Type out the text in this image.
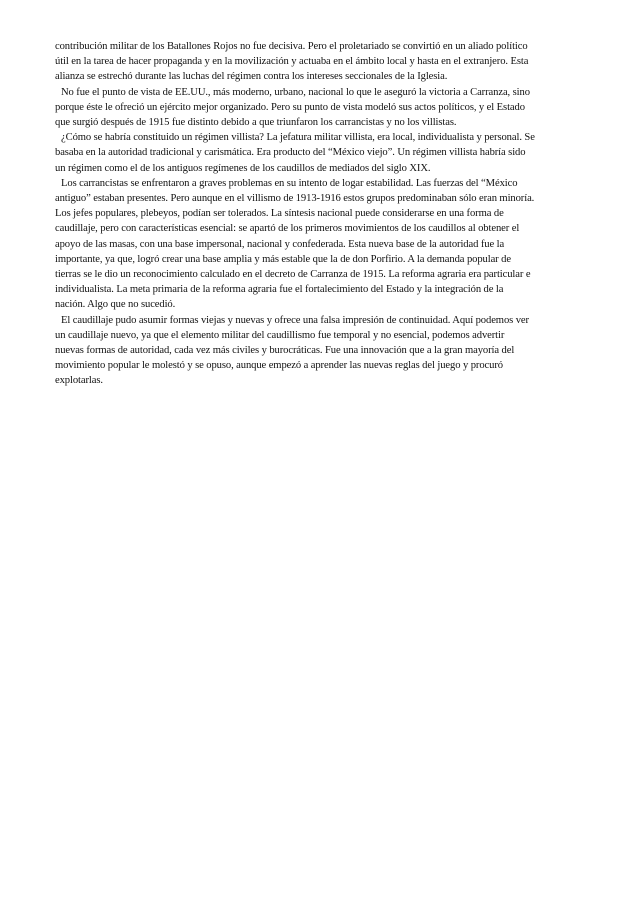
contribución militar de los Batallones Rojos no fue decisiva. Pero el proletariado se convirtió en un aliado político
útil en la tarea de hacer propaganda y en la movilización y actuaba en el ámbito local y hasta en el extranjero. Esta
alianza se estrechó durante las luchas del régimen contra los intereses seccionales de la Iglesia.
No fue el punto de vista de EE.UU., más moderno, urbano, nacional lo que le aseguró la victoria a Carranza, sino
porque éste le ofreció un ejército mejor organizado. Pero su punto de vista modeló sus actos políticos, y el Estado
que surgió después de 1915 fue distinto debido a que triunfaron los carrancistas y no los villistas.
¿Cómo se habría constituido un régimen villista? La jefatura militar villista, era local, individualista y personal. Se
basaba en la autoridad tradicional y carismática. Era producto del “México viejo”. Un régimen villista habría sido
un régimen como el de los antiguos regímenes de los caudillos de mediados del siglo XIX.
Los carrancistas se enfrentaron a graves problemas en su intento de logar estabilidad. Las fuerzas del “México
antiguo” estaban presentes. Pero aunque en el villismo de 1913-1916 estos grupos predominaban sólo eran minoría.
Los jefes populares, plebeyos, podían ser tolerados. La síntesis nacional puede considerarse en una forma de
caudillaje, pero con características esencial: se apartó de los primeros movimientos de los caudillos al obtener el
apoyo de las masas, con una base impersonal, nacional y confederada. Esta nueva base de la autoridad fue la
importante, ya que, logró crear una base amplia y más estable que la de don Porfirio. A la demanda popular de
tierras se le dio un reconocimiento calculado en el decreto de Carranza de 1915. La reforma agraria era particular e
individualista. La meta primaria de la reforma agraria fue el fortalecimiento del Estado y la integración de la
nación. Algo que no sucedió.
El caudillaje pudo asumir formas viejas y nuevas y ofrece una falsa impresión de continuidad. Aquí podemos ver
un caudillaje nuevo, ya que el elemento militar del caudillismo fue temporal y no esencial, podemos advertir
nuevas formas de autoridad, cada vez más civiles y burocráticas. Fue una innovación que a la gran mayoría del
movimiento popular le molestó y se opuso, aunque empezó a aprender las nuevas reglas del juego y procuró
explotarlas.
